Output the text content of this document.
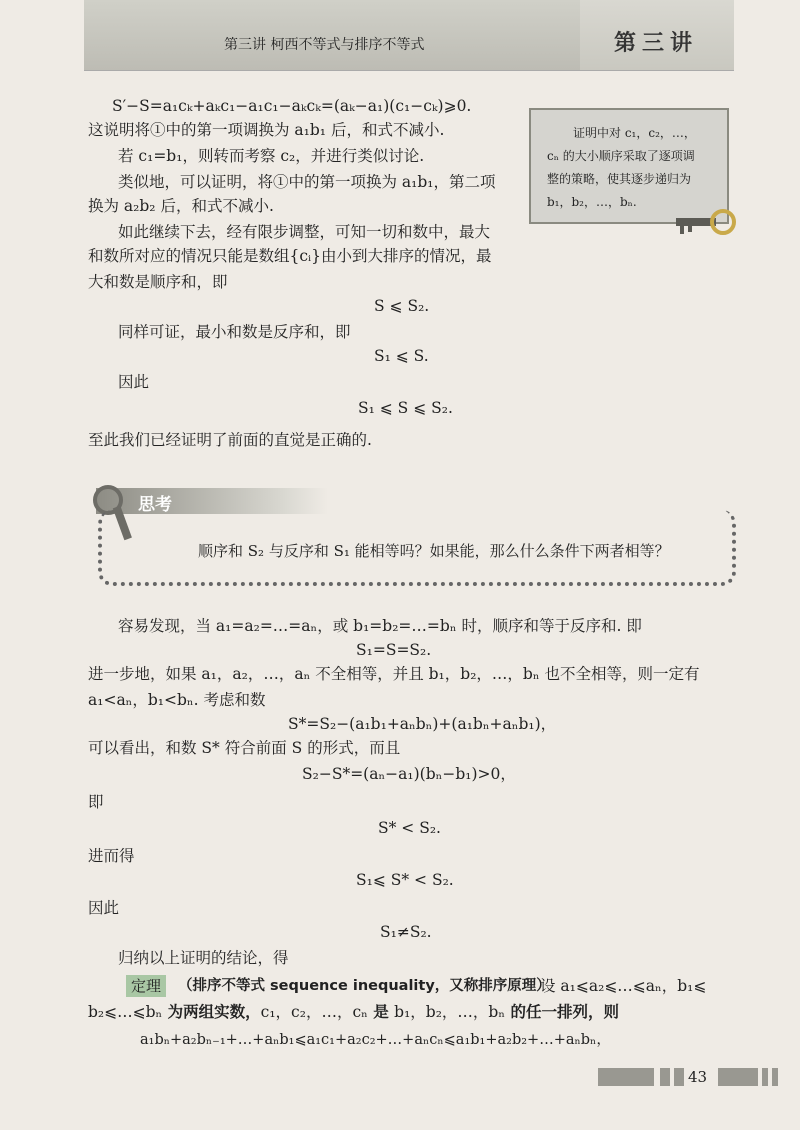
第三讲 柯西不等式与排序不等式	第三讲
S′−S=a₁cₖ+aₖc₁−a₁c₁−aₖcₖ=(aₖ−a₁)(c₁−cₖ)⩾0.
这说明将①中的第一项调换为 a₁b₁ 后，和式不减小.
若 c₁=b₁，则转而考察 c₂，并进行类似讨论.
类似地，可以证明，将①中的第一项换为 a₁b₁，第二项
换为 a₂b₂ 后，和式不减小.
如此继续下去，经有限步调整，可知一切和数中，最大
和数所对应的情况只能是数组{cᵢ}由小到大排序的情况，最
大和数是顺序和，即
S ⩽ S₂.
同样可证，最小和数是反序和，即
S₁ ⩽ S.
因此
S₁ ⩽ S ⩽ S₂.
至此我们已经证明了前面的直觉是正确的.
证明中对 c₁，c₂，…，
cₙ 的大小顺序采取了逐项调
整的策略，使其逐步递归为
b₁，b₂，…，bₙ.
思考
顺序和 S₂ 与反序和 S₁ 能相等吗？如果能，那么什么条件下两者相等？
容易发现，当 a₁=a₂=…=aₙ，或 b₁=b₂=…=bₙ 时，顺序和等于反序和. 即
S₁=S=S₂.
进一步地，如果 a₁，a₂，…，aₙ 不全相等，并且 b₁，b₂，…，bₙ 也不全相等，则一定有
a₁<aₙ，b₁<bₙ. 考虑和数
S*=S₂−(a₁b₁+aₙbₙ)+(a₁bₙ+aₙb₁)，
可以看出，和数 S* 符合前面 S 的形式，而且
S₂−S*=(aₙ−a₁)(bₙ−b₁)>0，
即
S* < S₂.
进而得
S₁⩽ S* < S₂.
因此
S₁≠S₂.
归纳以上证明的结论，得
定理	（排序不等式 sequence inequality，又称排序原理）
设 a₁⩽a₂⩽…⩽aₙ，b₁⩽
b₂⩽…⩽bₙ 为两组实数，c₁，c₂，…，cₙ 是 b₁，b₂，…，bₙ 的任一排列，则
a₁bₙ+a₂bₙ₋₁+…+aₙb₁⩽a₁c₁+a₂c₂+…+aₙcₙ⩽a₁b₁+a₂b₂+…+aₙbₙ，
43
